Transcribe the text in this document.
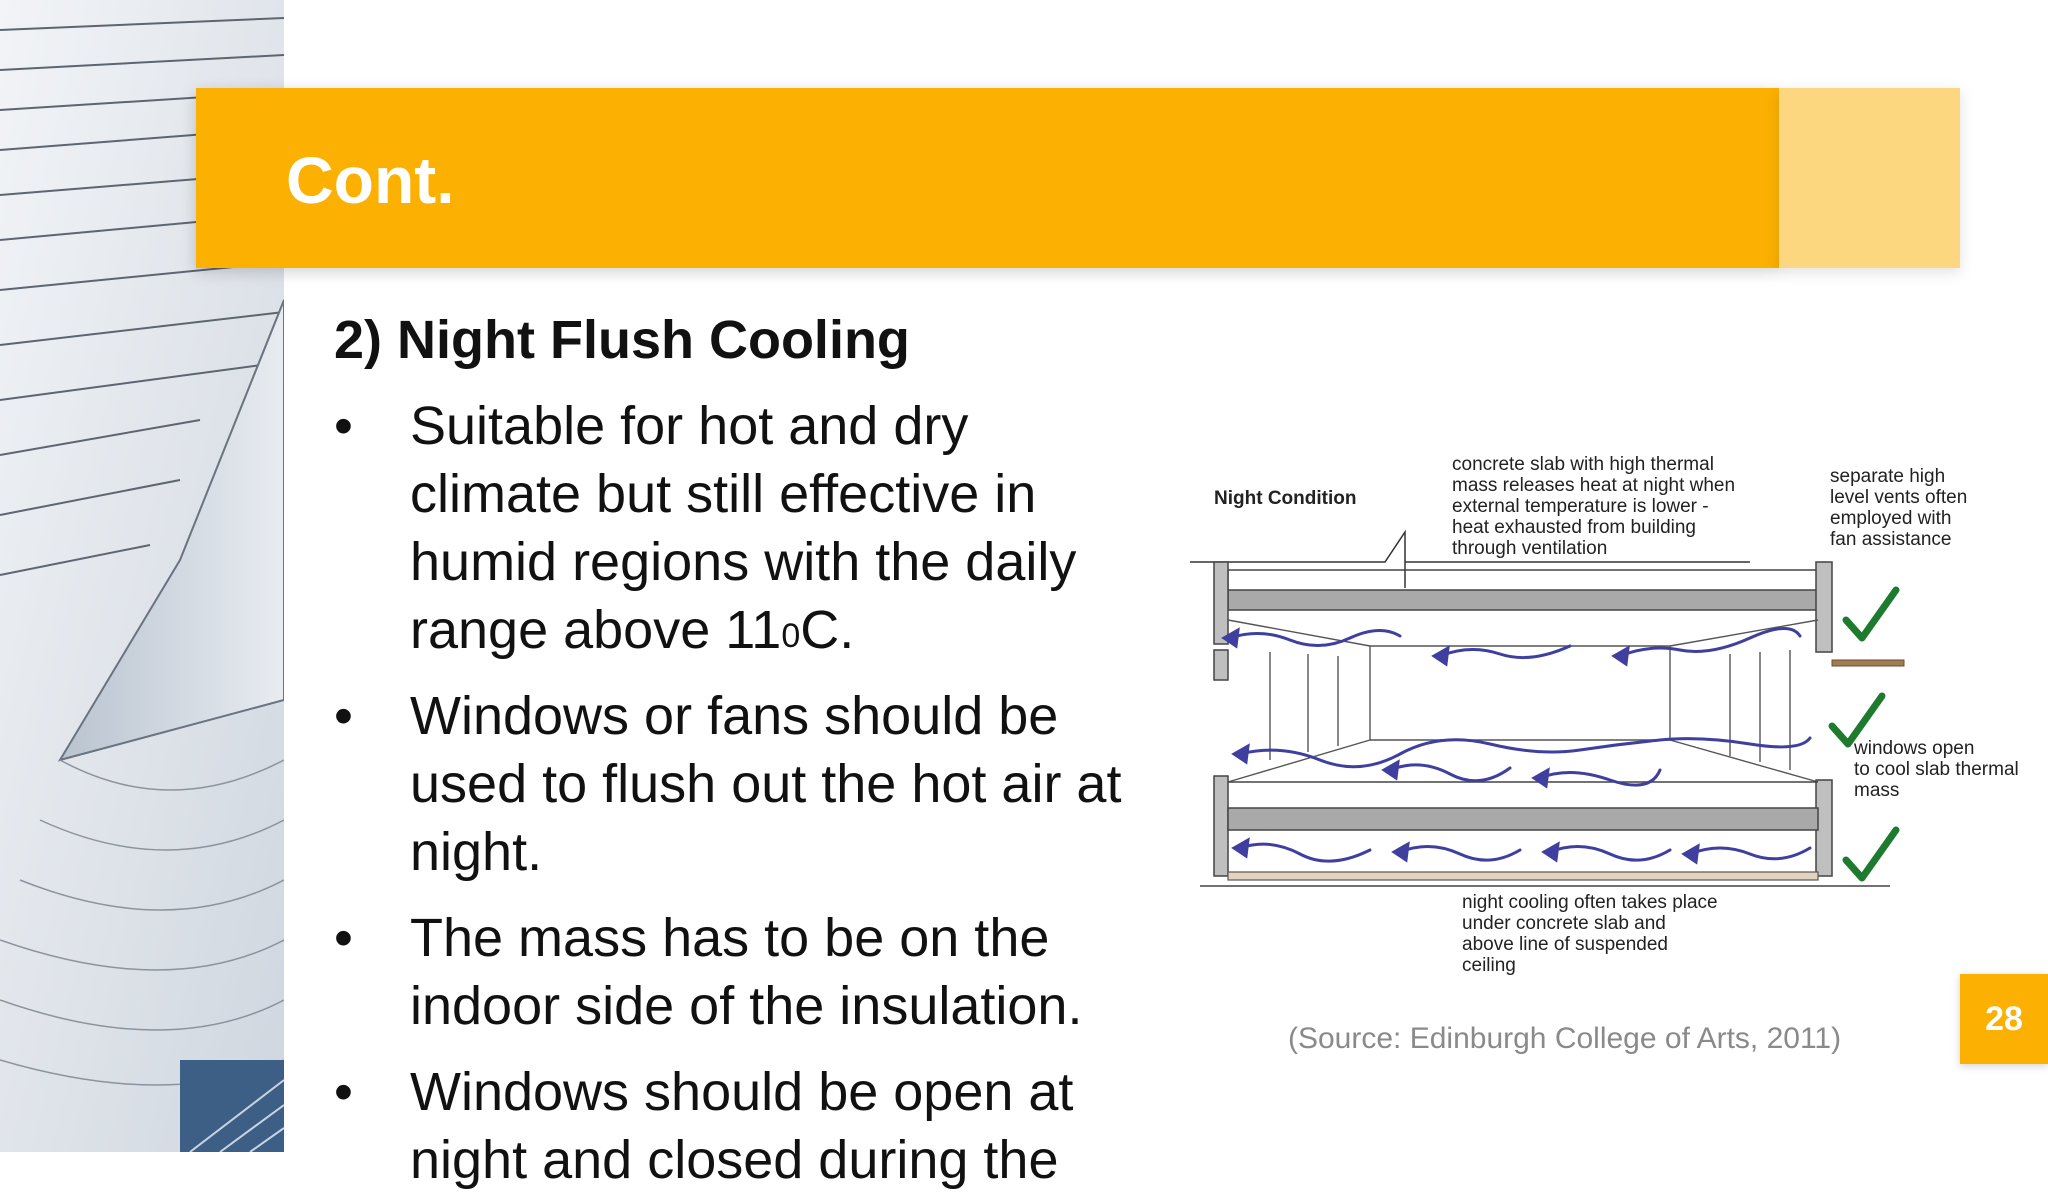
Cont.
2) Night Flush Cooling
•	Suitable for hot and dry
climate but still effective in
humid regions with the daily
range above $11^0C$.
•	Windows or fans should be
used to flush out the hot air at
night.
•	The mass has to be on the
indoor side of the insulation.
•	Windows should be open at
night and closed during the
Night Condition
concrete slab with high thermal
mass releases heat at night when
external temperature is lower -
heat exhausted from building
through ventilation
separate high
level vents often
employed with
fan assistance
windows open
to cool slab thermal
mass
night cooling often takes place
under concrete slab and
above line of suspended
ceiling
(Source: Edinburgh College of Arts, 2011)
28
